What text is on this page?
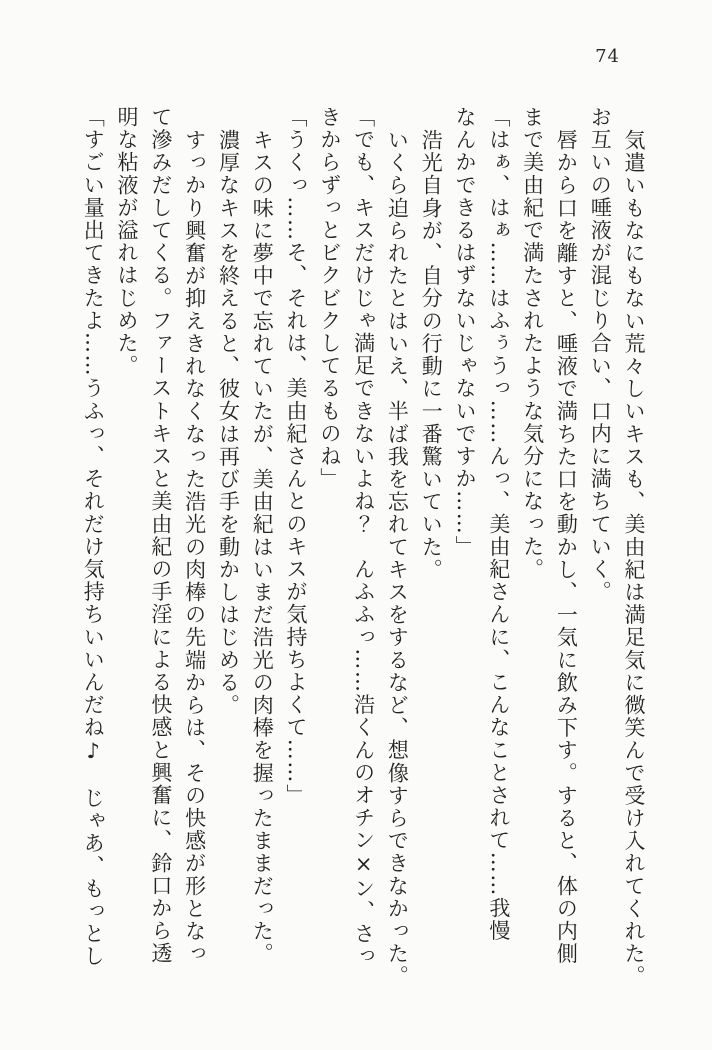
74
気遣いもなにもない荒々しいキスも、美由紀は満足気に微笑んで受け入れてくれた。
お互いの唾液が混じり合い、口内に満ちていく。
唇から口を離すと、唾液で満ちた口を動かし、一気に飲み下す。すると、体の内側
まで美由紀で満たされたような気分になった。
「はぁ、はぁ……はふぅうっ……んっ、美由紀さんに、こんなことされて……我慢
なんかできるはずないじゃないですか……」
浩光自身が、自分の行動に一番驚いていた。
いくら迫られたとはいえ、半ば我を忘れてキスをするなど、想像すらできなかった。
「でも、キスだけじゃ満足できないよね？　んふふっ……浩くんのオチン×ン、さっ
きからずっとビクビクしてるものね」
「うくっ……そ、それは、美由紀さんとのキスが気持ちよくて……」
キスの味に夢中で忘れていたが、美由紀はいまだ浩光の肉棒を握ったままだった。
濃厚なキスを終えると、彼女は再び手を動かしはじめる。
すっかり興奮が抑えきれなくなった浩光の肉棒の先端からは、その快感が形となっ
て滲みだしてくる。ファーストキスと美由紀の手淫による快感と興奮に、鈴口から透
明な粘液が溢れはじめた。
「すごい量出てきたよ……うふっ、それだけ気持ちいいんだね♪　じゃあ、もっとし
